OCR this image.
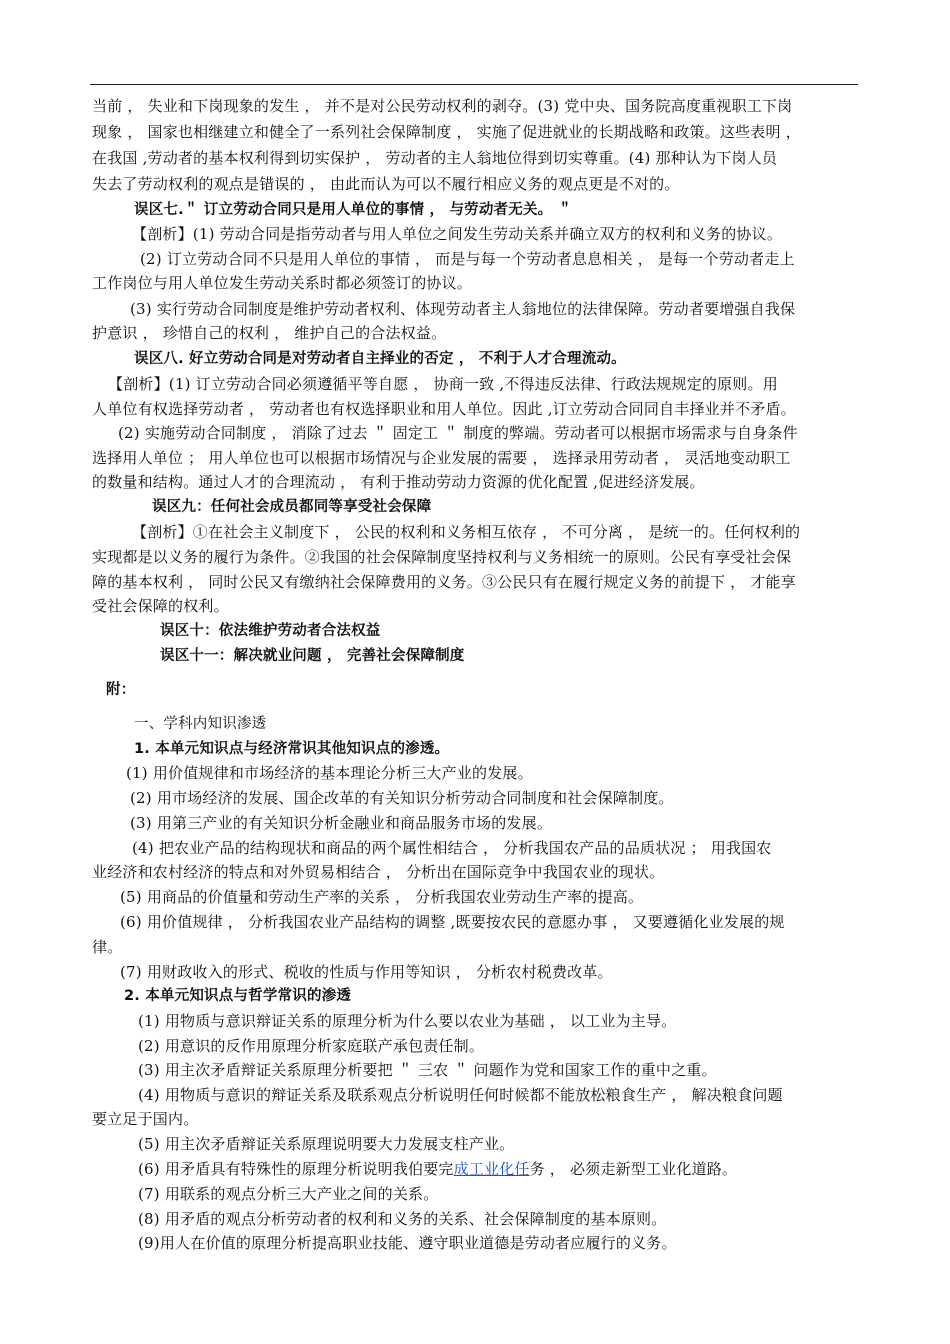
当前 ， 失业和下岗现象的发生 ， 并不是对公民劳动权利的剥夺。(3) 党中央、国务院高度重视职工下岗
现象 ， 国家也相继建立和健全了一系列社会保障制度 ， 实施了促进就业的长期战略和政策。这些表明 ，
在我国 ,劳动者的基本权利得到切实保护 ， 劳动者的主人翁地位得到切实尊重。(4) 那种认为下岗人员
失去了劳动权利的观点是错误的 ， 由此而认为可以不履行相应义务的观点更是不对的。
误区七.＂ 订立劳动合同只是用人单位的事情 ， 与劳动者无关。 ＂
【剖析】(1) 劳动合同是指劳动者与用人单位之间发生劳动关系并确立双方的权利和义务的协议。
(2) 订立劳动合同不只是用人单位的事情 ， 而是与每一个劳动者息息相关 ， 是每一个劳动者走上
工作岗位与用人单位发生劳动关系时都必须签订的协议。
(3) 实行劳动合同制度是维护劳动者权利、体现劳动者主人翁地位的法律保障。劳动者要增强自我保
护意识 ， 珍惜自己的权利 ， 维护自己的合法权益。
误区八. 好立劳动合同是对劳动者自主择业的否定 ， 不利于人才合理流动。
【剖析】(1) 订立劳动合同必须遵循平等自愿 ， 协商一致 ,不得违反法律、行政法规规定的原则。用
人单位有权选择劳动者 ， 劳动者也有权选择职业和用人单位。因此 ,订立劳动合同同自丰择业并不矛盾。
(2) 实施劳动合同制度 ， 消除了过去 ＂ 固定工 ＂ 制度的弊端。劳动者可以根据市场需求与自身条件
选择用人单位 ； 用人单位也可以根据市场情况与企业发展的需要 ， 选择录用劳动者 ， 灵活地变动职工
的数量和结构。通过人才的合理流动 ， 有利于推动劳动力资源的优化配置 ,促进经济发展。
误区九：任何社会成员都同等享受社会保障
【剖析】①在社会主义制度下 ， 公民的权利和义务相互依存 ， 不可分离 ， 是统一的。任何权利的
实现都是以义务的履行为条件。②我国的社会保障制度坚持权利与义务相统一的原则。公民有享受社会保
障的基本权利 ， 同时公民又有缴纳社会保障费用的义务。③公民只有在履行规定义务的前提下 ， 才能享
受社会保障的权利。
误区十：依法维护劳动者合法权益
误区十一：解决就业问题 ， 完善社会保障制度
附：
一、学科内知识渗透
1. 本单元知识点与经济常识其他知识点的渗透。
(1) 用价值规律和市场经济的基本理论分析三大产业的发展。
(2) 用市场经济的发展、国企改革的有关知识分析劳动合同制度和社会保障制度。
(3) 用第三产业的有关知识分析金融业和商品服务市场的发展。
(4) 把农业产品的结构现状和商品的两个属性相结合 ， 分析我国农产品的品质状况 ； 用我国农
业经济和农村经济的特点和对外贸易相结合 ， 分析出在国际竞争中我国农业的现状。
(5) 用商品的价值量和劳动生产率的关系 ， 分析我国农业劳动生产率的提高。
(6) 用价值规律 ， 分析我国农业产品结构的调整 ,既要按农民的意愿办事 ， 又要遵循化业发展的规
律。
(7) 用财政收入的形式、税收的性质与作用等知识 ， 分析农村税费改革。
2. 本单元知识点与哲学常识的渗透
(1) 用物质与意识辩证关系的原理分析为什么要以农业为基础 ， 以工业为主导。
(2) 用意识的反作用原理分析家庭联产承包责任制。
(3) 用主次矛盾辩证关系原理分析要把 ＂ 三农 ＂ 问题作为党和国家工作的重中之重。
(4) 用物质与意识的辩证关系及联系观点分析说明任何时候都不能放松粮食生产 ， 解决粮食问题
要立足于国内。
(5) 用主次矛盾辩证关系原理说明要大力发展支柱产业。
(6) 用矛盾具有特殊性的原理分析说明我伯要完成工业化任务 ， 必须走新型工业化道路。
(7) 用联系的观点分析三大产业之间的关系。
(8) 用矛盾的观点分析劳动者的权利和义务的关系、社会保障制度的基本原则。
(9)用人在价值的原理分析提高职业技能、遵守职业道德是劳动者应履行的义务。
